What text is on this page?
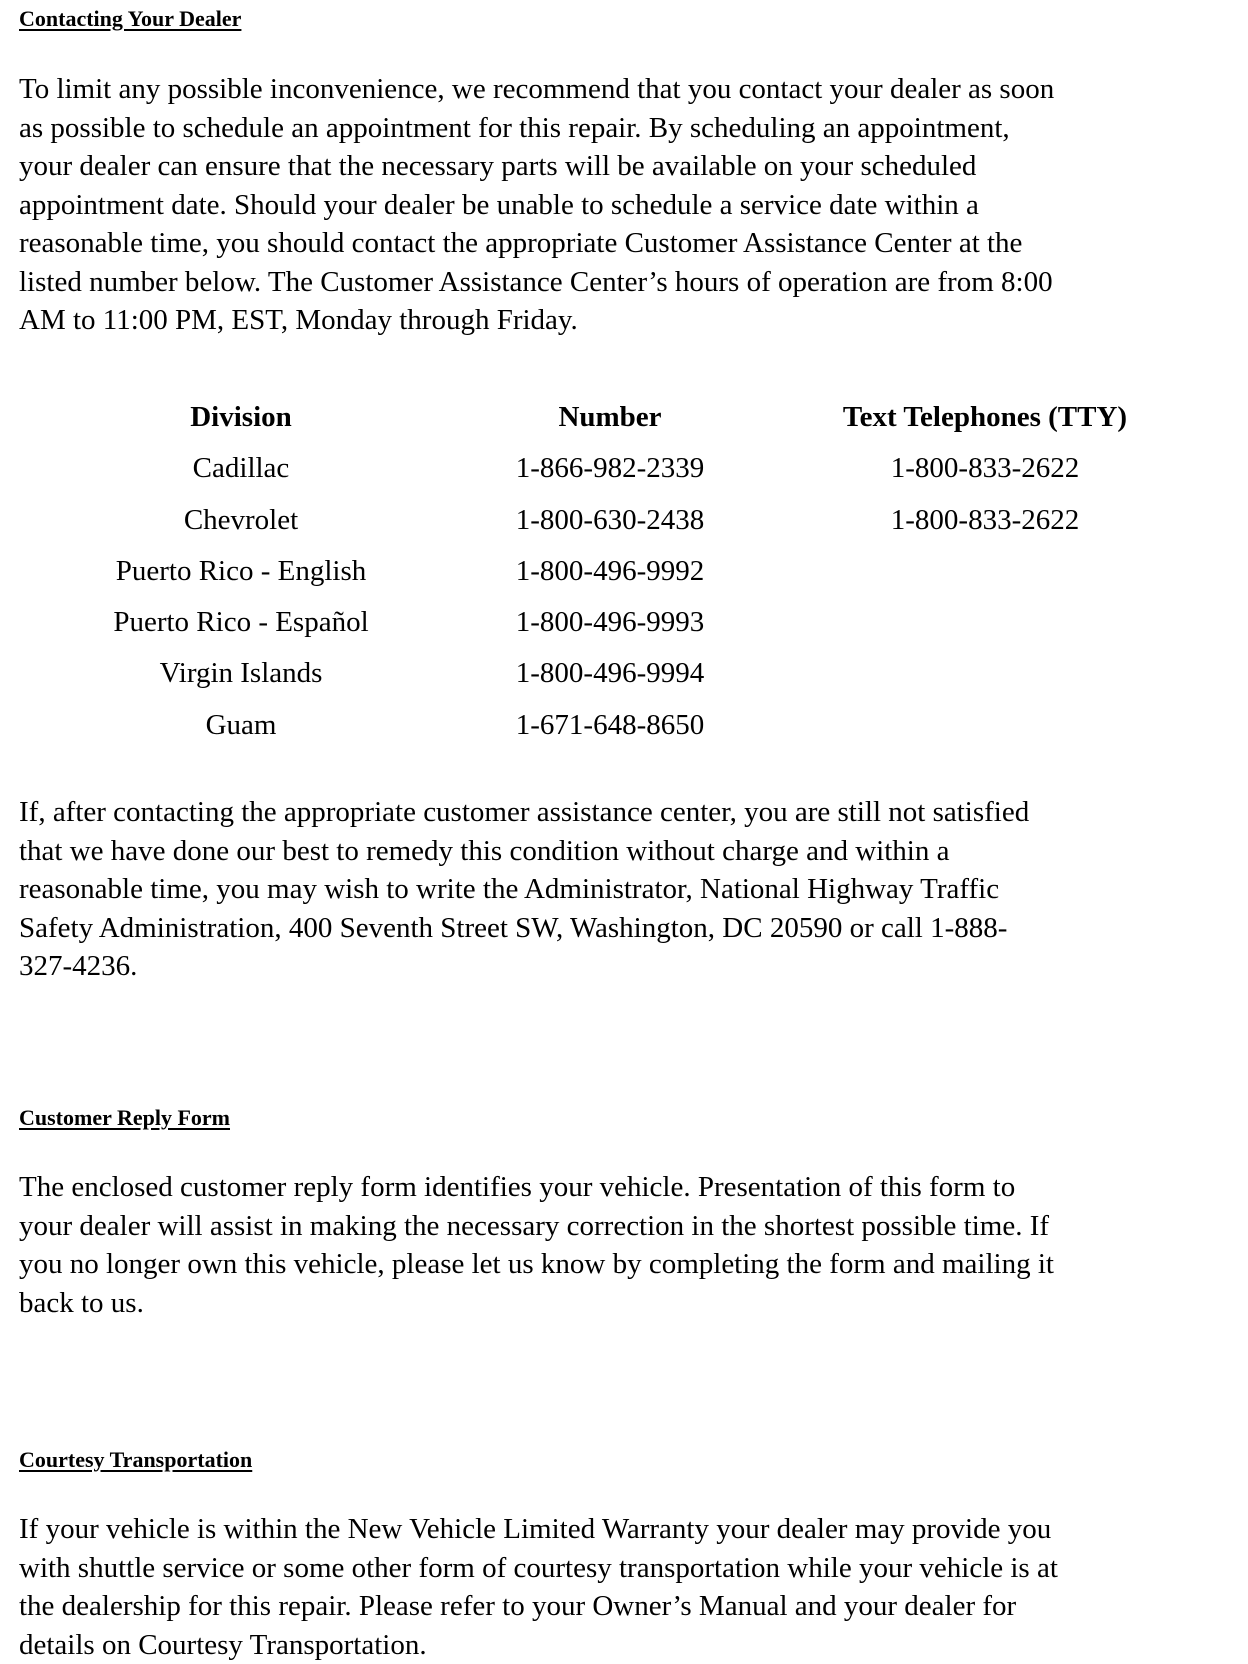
Contacting Your Dealer
To limit any possible inconvenience, we recommend that you contact your dealer as soon
as possible to schedule an appointment for this repair. By scheduling an appointment,
your dealer can ensure that the necessary parts will be available on your scheduled
appointment date. Should your dealer be unable to schedule a service date within a
reasonable time, you should contact the appropriate Customer Assistance Center at the
listed number below. The Customer Assistance Center’s hours of operation are from 8:00
AM to 11:00 PM, EST, Monday through Friday.
Division	Number	Text Telephones (TTY)
Cadillac	1-866-982-2339	1-800-833-2622
Chevrolet	1-800-630-2438	1-800-833-2622
Puerto Rico - English	1-800-496-9992
Puerto Rico - Español	1-800-496-9993
Virgin Islands	1-800-496-9994
Guam	1-671-648-8650
If, after contacting the appropriate customer assistance center, you are still not satisfied
that we have done our best to remedy this condition without charge and within a
reasonable time, you may wish to write the Administrator, National Highway Traffic
Safety Administration, 400 Seventh Street SW, Washington, DC 20590 or call 1-888-
327-4236.
Customer Reply Form
The enclosed customer reply form identifies your vehicle. Presentation of this form to
your dealer will assist in making the necessary correction in the shortest possible time. If
you no longer own this vehicle, please let us know by completing the form and mailing it
back to us.
Courtesy Transportation
If your vehicle is within the New Vehicle Limited Warranty your dealer may provide you
with shuttle service or some other form of courtesy transportation while your vehicle is at
the dealership for this repair. Please refer to your Owner’s Manual and your dealer for
details on Courtesy Transportation.
